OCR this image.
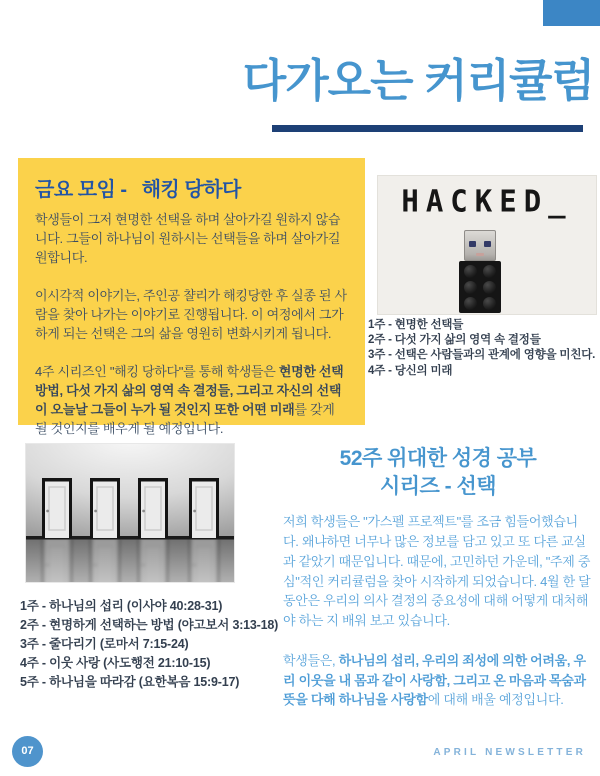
다가오는 커리큘럼
금요 모임 -   해킹 당하다

학생들이 그저 현명한 선택을 하며 살아가길 원하지 않습니다. 그들이 하나님이 원하시는 선택들을 하며 살아가길 원합니다.

이시각적 이야기는, 주인공 챨리가 해킹당한 후 실종 된 사람을 찾아 나가는 이야기로 진행됩니다. 이 여정에서 그가 하게 되는 선택은 그의 삶을 영원히 변화시키게 됩니다.

4주 시리즈인 "해킹 당하다"를 통해 학생들은 현명한 선택 방법, 다섯 가지 삶의 영역 속 결정들, 그리고 자신의 선택이 오늘날 그들이 누가 될 것인지 또한 어떤 미래를 갖게 될 것인지를 배우게 될 예정입니다.

HACKED_
1주 - 현명한 선택들
2주 - 다섯 가지 삶의 영역 속 결정들
3주 - 선택은 사람들과의 관계에 영향을 미친다.
4주 - 당신의 미래
1주 - 하나님의 섭리 (이사야 40:28-31)
2주 - 현명하게 선택하는 방법 (야고보서 3:13-18)
3주 - 줄다리기 (로마서 7:15-24)
4주 - 이웃 사랑 (사도행전 21:10-15)
5주 - 하나님을 따라감 (요한복음 15:9-17)
52주 위대한 성경 공부
시리즈 - 선택

저희 학생들은 "가스펠 프로젝트"를 조금 힘들어했습니다. 왜냐하면 너무나 많은 정보를 담고 있고 또 다른 교실과 같았기 때문입니다. 때문에, 고민하던 가운데, "주제 중심"적인 커리큘럼을 찾아 시작하게 되었습니다. 4월 한 달 동안은 우리의 의사 결정의 중요성에 대해 어떻게 대처해야 하는 지 배워 보고 있습니다.

학생들은, 하나님의 섭리, 우리의 죄성에 의한 어려움, 우리 이웃을 내 몸과 같이 사랑함, 그리고 온 마음과 목숨과 뜻을 다해 하나님을 사랑함에 대해 배울 예정입니다.

07	APRIL NEWSLETTER
